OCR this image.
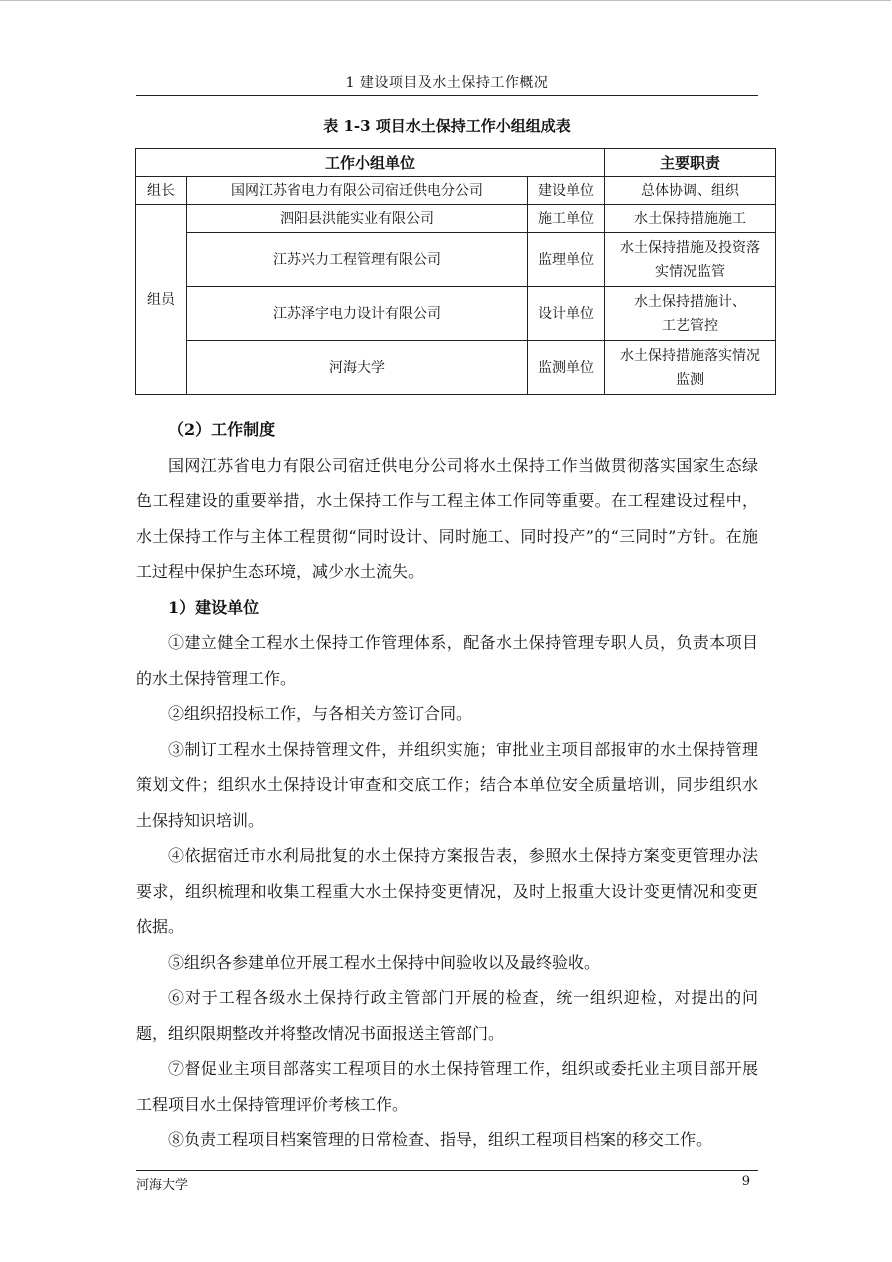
1 建设项目及水土保持工作概况
表 1-3 项目水土保持工作小组组成表
工作小组单位			主要职责
组长	国网江苏省电力有限公司宿迁供电分公司	建设单位	总体协调、组织
组员	泗阳县洪能实业有限公司	施工单位	水土保持措施施工
	江苏兴力工程管理有限公司	监理单位	水土保持措施及投资落
实情况监管

	江苏泽宇电力设计有限公司	设计单位	水土保持措施计、
工艺管控

	河海大学	监测单位	水土保持措施落实情况
监测

（2）工作制度

国网江苏省电力有限公司宿迁供电分公司将水土保持工作当做贯彻落实国家生态绿色工程建设的重要举措，水土保持工作与工程主体工作同等重要。在工程建设过程中，水土保持工作与主体工程贯彻“同时设计、同时施工、同时投产”的“三同时”方针。在施工过程中保护生态环境，减少水土流失。

1）建设单位

①建立健全工程水土保持工作管理体系，配备水土保持管理专职人员，负责本项目的水土保持管理工作。

②组织招投标工作，与各相关方签订合同。

③制订工程水土保持管理文件，并组织实施；审批业主项目部报审的水土保持管理策划文件；组织水土保持设计审查和交底工作；结合本单位安全质量培训，同步组织水土保持知识培训。

④依据宿迁市水利局批复的水土保持方案报告表，参照水土保持方案变更管理办法要求，组织梳理和收集工程重大水土保持变更情况，及时上报重大设计变更情况和变更依据。

⑤组织各参建单位开展工程水土保持中间验收以及最终验收。

⑥对于工程各级水土保持行政主管部门开展的检查，统一组织迎检，对提出的问题，组织限期整改并将整改情况书面报送主管部门。

⑦督促业主项目部落实工程项目的水土保持管理工作，组织或委托业主项目部开展工程项目水土保持管理评价考核工作。

⑧负责工程项目档案管理的日常检查、指导，组织工程项目档案的移交工作。

河海大学	9
